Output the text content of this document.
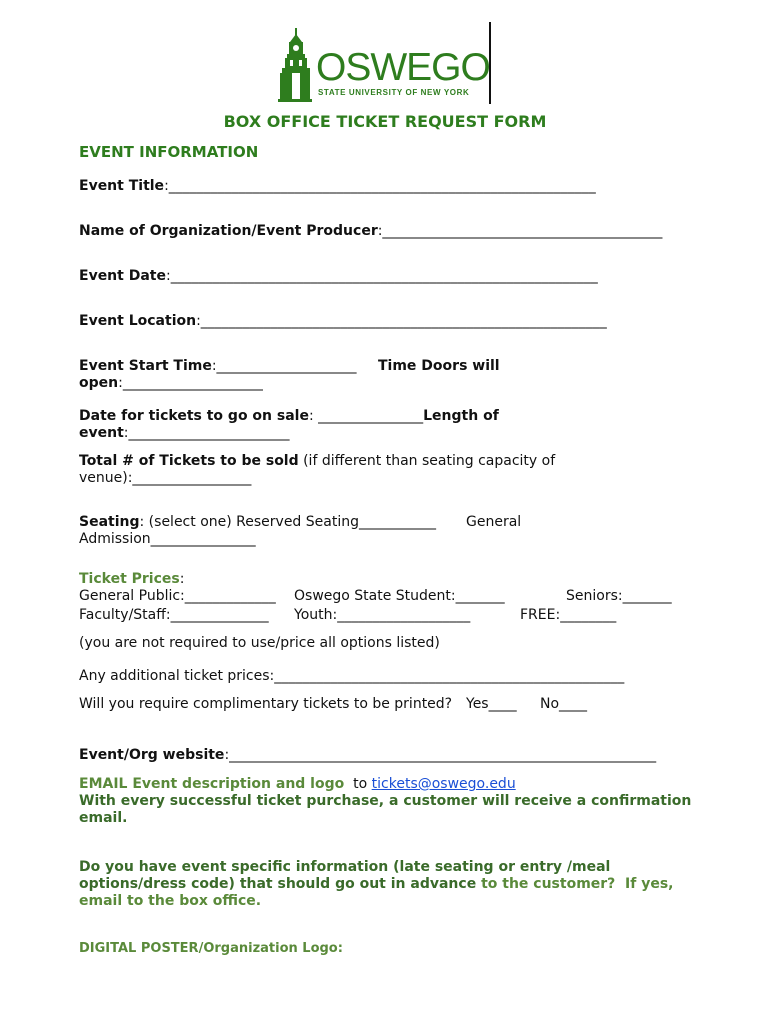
OSWEGO
STATE UNIVERSITY OF NEW YORK
BOX OFFICE TICKET REQUEST FORM
EVENT INFORMATION
Event Title:_____________________________________________________________
Name of Organization/Event Producer:________________________________________
Event Date:_____________________________________________________________
Event Location:__________________________________________________________
Event Start Time:____________________ Time Doors will
open:____________________
Date for tickets to go on sale: _______________Length of
event:_______________________
Total # of Tickets to be sold (if different than seating capacity of
venue):_________________
Seating: (select one) Reserved Seating___________ General
Admission_______________
Ticket Prices:
General Public:_____________ Oswego State Student:_______	Seniors:_______
Faculty/Staff:______________ Youth:___________________	FREE:________
(you are not required to use/price all options listed)
Any additional ticket prices:__________________________________________________
Will you require complimentary tickets to be printed? Yes____ No____
Event/Org website:_____________________________________________________________
EMAIL Event description and logo  to tickets@oswego.edu
With every successful ticket purchase, a customer will receive a confirmation
email.
Do you have event specific information (late seating or entry /meal
options/dress code) that should go out in advance to the customer?  If yes,
email to the box office.
DIGITAL POSTER/Organization Logo:
